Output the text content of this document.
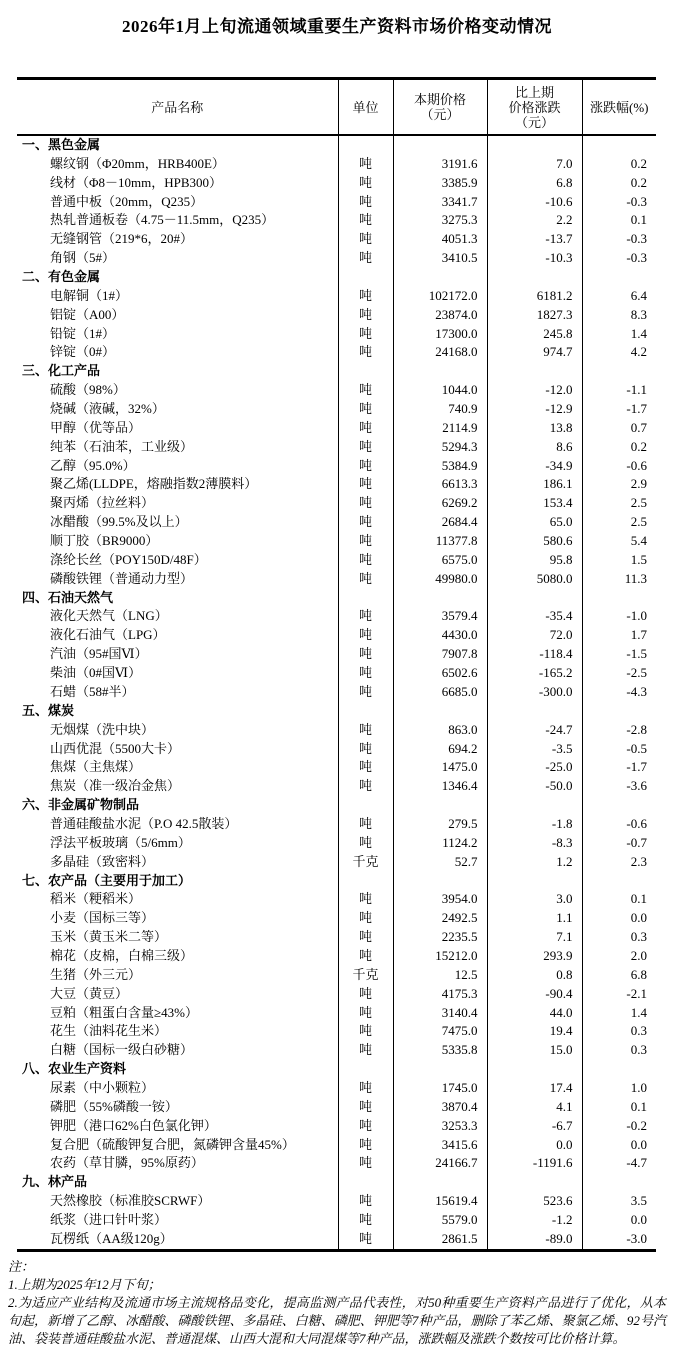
2026年1月上旬流通领域重要生产资料市场价格变动情况
产品名称	单位	本期价格
（元）	比上期
价格涨跌
（元）	涨跌幅(%)
一、黑色金属				
螺纹钢（Φ20mm，HRB400E）	吨	3191.6	7.0	0.2
线材（Φ8－10mm，HPB300）	吨	3385.9	6.8	0.2
普通中板（20mm，Q235）	吨	3341.7	-10.6	-0.3
热轧普通板卷（4.75－11.5mm，Q235）	吨	3275.3	2.2	0.1
无缝钢管（219*6，20#）	吨	4051.3	-13.7	-0.3
角钢（5#）	吨	3410.5	-10.3	-0.3
二、有色金属				
电解铜（1#）	吨	102172.0	6181.2	6.4
铝锭（A00）	吨	23874.0	1827.3	8.3
铅锭（1#）	吨	17300.0	245.8	1.4
锌锭（0#）	吨	24168.0	974.7	4.2
三、化工产品				
硫酸（98%）	吨	1044.0	-12.0	-1.1
烧碱（液碱，32%）	吨	740.9	-12.9	-1.7
甲醇（优等品）	吨	2114.9	13.8	0.7
纯苯（石油苯，工业级）	吨	5294.3	8.6	0.2
乙醇（95.0%）	吨	5384.9	-34.9	-0.6
聚乙烯(LLDPE，熔融指数2薄膜料）	吨	6613.3	186.1	2.9
聚丙烯（拉丝料）	吨	6269.2	153.4	2.5
冰醋酸（99.5%及以上）	吨	2684.4	65.0	2.5
顺丁胶（BR9000）	吨	11377.8	580.6	5.4
涤纶长丝（POY150D/48F）	吨	6575.0	95.8	1.5
磷酸铁锂（普通动力型）	吨	49980.0	5080.0	11.3
四、石油天然气				
液化天然气（LNG）	吨	3579.4	-35.4	-1.0
液化石油气（LPG）	吨	4430.0	72.0	1.7
汽油（95#国Ⅵ）	吨	7907.8	-118.4	-1.5
柴油（0#国Ⅵ）	吨	6502.6	-165.2	-2.5
石蜡（58#半）	吨	6685.0	-300.0	-4.3
五、煤炭				
无烟煤（洗中块）	吨	863.0	-24.7	-2.8
山西优混（5500大卡）	吨	694.2	-3.5	-0.5
焦煤（主焦煤）	吨	1475.0	-25.0	-1.7
焦炭（准一级冶金焦）	吨	1346.4	-50.0	-3.6
六、非金属矿物制品				
普通硅酸盐水泥（P.O 42.5散装）	吨	279.5	-1.8	-0.6
浮法平板玻璃（5/6mm）	吨	1124.2	-8.3	-0.7
多晶硅（致密料）	千克	52.7	1.2	2.3
七、农产品（主要用于加工）				
稻米（粳稻米）	吨	3954.0	3.0	0.1
小麦（国标三等）	吨	2492.5	1.1	0.0
玉米（黄玉米二等）	吨	2235.5	7.1	0.3
棉花（皮棉，白棉三级）	吨	15212.0	293.9	2.0
生猪（外三元）	千克	12.5	0.8	6.8
大豆（黄豆）	吨	4175.3	-90.4	-2.1
豆粕（粗蛋白含量≥43%）	吨	3140.4	44.0	1.4
花生（油料花生米）	吨	7475.0	19.4	0.3
白糖（国标一级白砂糖）	吨	5335.8	15.0	0.3
八、农业生产资料				
尿素（中小颗粒）	吨	1745.0	17.4	1.0
磷肥（55%磷酸一铵）	吨	3870.4	4.1	0.1
钾肥（港口62%白色氯化钾）	吨	3253.3	-6.7	-0.2
复合肥（硫酸钾复合肥，氮磷钾含量45%）	吨	3415.6	0.0	0.0
农药（草甘膦，95%原药）	吨	24166.7	-1191.6	-4.7
九、林产品				
天然橡胶（标准胶SCRWF）	吨	15619.4	523.6	3.5
纸浆（进口针叶浆）	吨	5579.0	-1.2	0.0
瓦楞纸（AA级120g）	吨	2861.5	-89.0	-3.0

注：

1.上期为2025年12月下旬；

2.为适应产业结构及流通市场主流规格品变化，提高监测产品代表性，对50种重要生产资料产品进行了优化，从本旬起，新增了乙醇、冰醋酸、磷酸铁锂、多晶硅、白糖、磷肥、钾肥等7种产品，删除了苯乙烯、聚氯乙烯、92号汽油、袋装普通硅酸盐水泥、普通混煤、山西大混和大同混煤等7种产品，涨跌幅及涨跌个数按可比价格计算。
